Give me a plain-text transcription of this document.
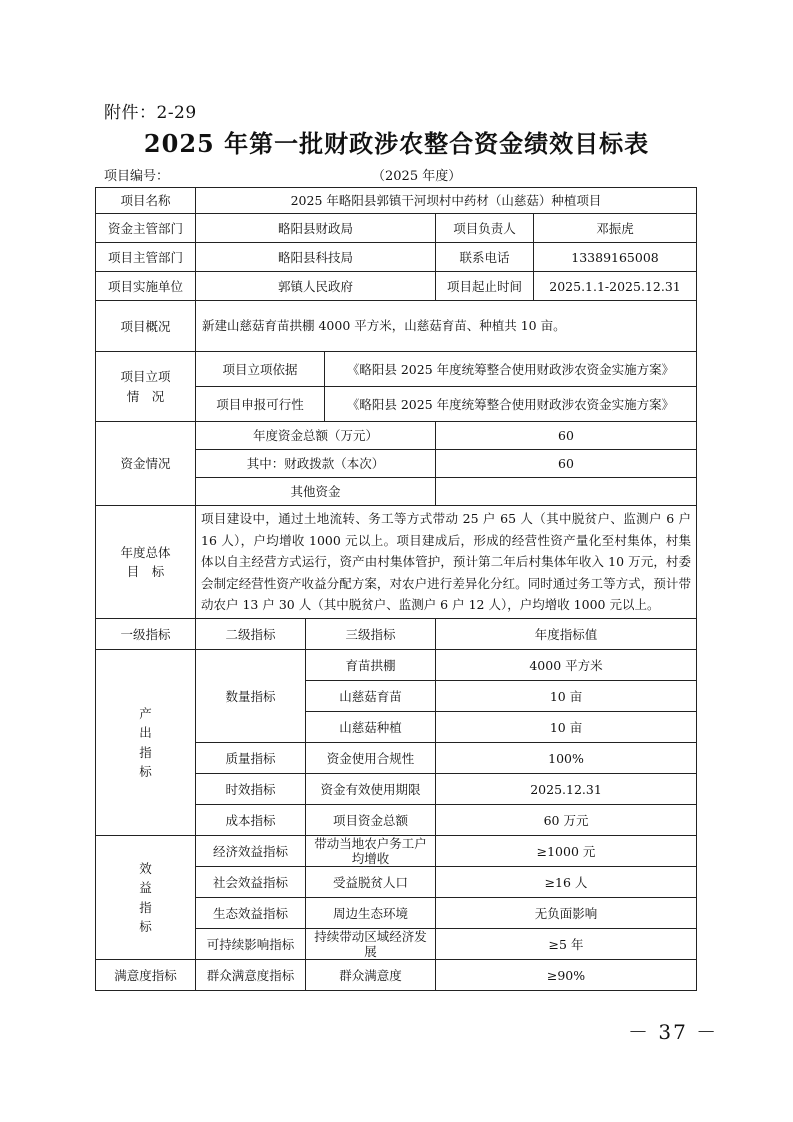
附件：2-29
2025 年第一批财政涉农整合资金绩效目标表
项目编号：	（2025 年度）
项目名称	2025 年略阳县郭镇干河坝村中药材（山慈菇）种植项目				
资金主管部门	略阳县财政局			项目负责人	邓振虎
项目主管部门	略阳县科技局			联系电话	13389165008
项目实施单位	郭镇人民政府			项目起止时间	2025.1.1-2025.12.31
项目概况	新建山慈菇育苗拱棚 4000 平方米，山慈菇育苗、种植共 10 亩。				
项目立项
情　况	项目立项依据		《略阳县 2025 年度统筹整合使用财政涉农资金实施方案》		
	项目申报可行性		《略阳县 2025 年度统筹整合使用财政涉农资金实施方案》		
资金情况	年度资金总额（万元）			60	
	其中：财政拨款（本次）			60	
	其他资金				
年度总体
目　标	项目建设中，通过土地流转、务工等方式带动 25 户 65 人（其中脱贫户、监测户 6 户 16 人），户均增收 1000 元以上。项目建成后，形成的经营性资产量化至村集体，村集体以自主经营方式运行，资产由村集体管护，预计第二年后村集体年收入 10 万元，村委会制定经营性资产收益分配方案，对农户进行差异化分红。同时通过务工等方式，预计带动农户 13 户 30 人（其中脱贫户、监测户 6 户 12 人），户均增收 1000 元以上。				
一级指标	二级指标	三级指标		年度指标值	
产
出
指
标	数量指标	育苗拱棚		4000 平方米	
		山慈菇育苗		10 亩	
		山慈菇种植		10 亩	
	质量指标	资金使用合规性		100%	
	时效指标	资金有效使用期限		2025.12.31	
	成本指标	项目资金总额		60 万元	
效
益
指
标	经济效益指标	带动当地农户务工户均增收		≥1000 元	
	社会效益指标	受益脱贫人口		≥16 人	
	生态效益指标	周边生态环境		无负面影响	
	可持续影响指标	持续带动区域经济发展		≥5 年	
满意度指标	群众满意度指标	群众满意度		≥90%	
－ 37 －
